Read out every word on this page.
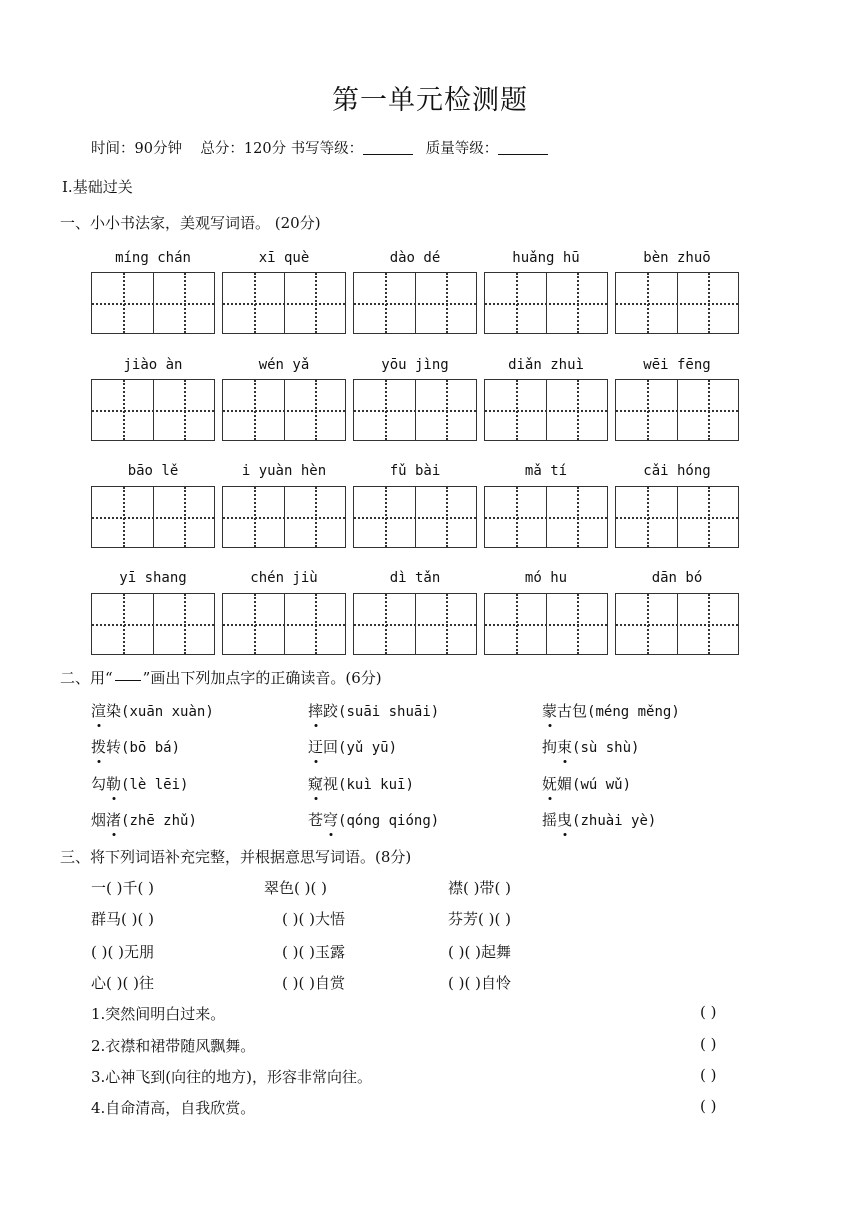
第一单元检测题
时间：90分钟 总分：120分 书写等级：	质量等级：
Ⅰ.基础过关
一、小小书法家，美观写词语。 (20分)
míng chán	xī què	dào dé	huǎng hū	bèn zhuō
jiào àn	wén yǎ	yōu jìng	diǎn zhuì	wēi fēng
bāo lě	i yuàn hèn	fǔ bài	mǎ tí	cǎi hóng
yī shang	chén jiù	dì tǎn	mó hu	dān bó
二、用“ ”画出下列加点字的正确读音。(6分)
渲染(xuān xuàn)	摔跤(suāi shuāi)	蒙古包(méng měng)
拨转(bō bá)	迂回(yǔ yū)	拘束(sù shù)
勾勒(lè lēi)	窥视(kuì kuī)	妩媚(wú wǔ)
烟渚(zhē zhǔ)	苍穹(qóng qióng)	摇曳(zhuài yè)
三、将下列词语补充完整，并根据意思写词语。(8分)
一( )千( )	翠色( )( )	襟( )带( )
群马( )( )	( )( )大悟	芬芳( )( )
( )( )无朋	( )( )玉露	( )( )起舞
心( )( )往	( )( )自赏	( )( )自怜
1.突然间明白过来。	( )
2.衣襟和裙带随风飘舞。	( )
3.心神飞到(向往的地方)，形容非常向往。	( )
4.自命清高，自我欣赏。	( )
